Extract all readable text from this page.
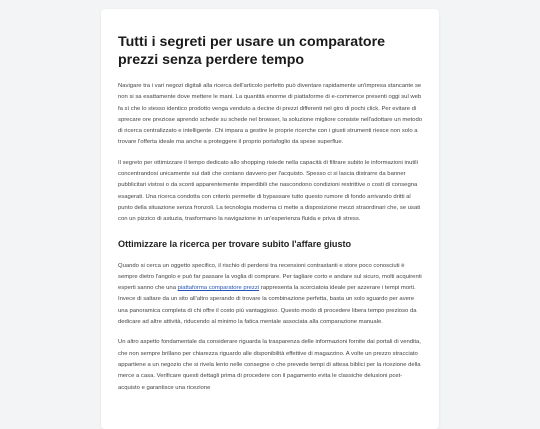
Tutti i segreti per usare un comparatore prezzi senza perdere tempo

Navigare tra i vari negozi digitali alla ricerca dell'articolo perfetto può diventare rapidamente un'impresa stancante se non si sa esattamente dove mettere le mani. La quantità enorme di piattaforme di e-commerce presenti oggi sul web fa sì che lo stesso identico prodotto venga venduto a decine di prezzi differenti nel giro di pochi click. Per evitare di sprecare ore preziose aprendo schede su schede nel browser, la soluzione migliore consiste nell'adottare un metodo di ricerca centralizzato e intelligente. Chi impara a gestire le proprie ricerche con i giusti strumenti riesce non solo a trovare l'offerta ideale ma anche a proteggere il proprio portafoglio da spese superflue.

Il segreto per ottimizzare il tempo dedicato allo shopping risiede nella capacità di filtrare subito le informazioni inutili concentrandosi unicamente sui dati che contano davvero per l'acquisto. Spesso ci si lascia distrarre da banner pubblicitari vistosi o da sconti apparentemente imperdibili che nascondono condizioni restrittive o costi di consegna esagerati. Una ricerca condotta con criterio permette di bypassare tutto questo rumore di fondo arrivando dritti al punto della situazione senza fronzoli. La tecnologia moderna ci mette a disposizione mezzi straordinari che, se usati con un pizzico di astuzia, trasformano la navigazione in un'esperienza fluida e priva di stress.

Ottimizzare la ricerca per trovare subito l'affare giusto

Quando si cerca un oggetto specifico, il rischio di perdersi tra recensioni contrastanti e store poco conosciuti è sempre dietro l'angolo e può far passare la voglia di comprare. Per tagliare corto e andare sul sicuro, molti acquirenti esperti sanno che una piattaforma comparatore prezzi rappresenta la scorciatoia ideale per azzerare i tempi morti. Invece di saltare da un sito all'altro sperando di trovare la combinazione perfetta, basta un solo sguardo per avere una panoramica completa di chi offre il costo più vantaggioso. Questo modo di procedere libera tempo prezioso da dedicare ad altre attività, riducendo al minimo la fatica mentale associata alla comparazione manuale.

Un altro aspetto fondamentale da considerare riguarda la trasparenza delle informazioni fornite dai portali di vendita, che non sempre brillano per chiarezza riguardo alle disponibilità effettive di magazzino. A volte un prezzo stracciato appartiene a un negozio che si rivela lento nelle consegne o che prevede tempi di attesa biblici per la ricezione della merce a casa. Verificare questi dettagli prima di procedere con il pagamento evita le classiche delusioni post-acquisto e garantisce una ricezione
